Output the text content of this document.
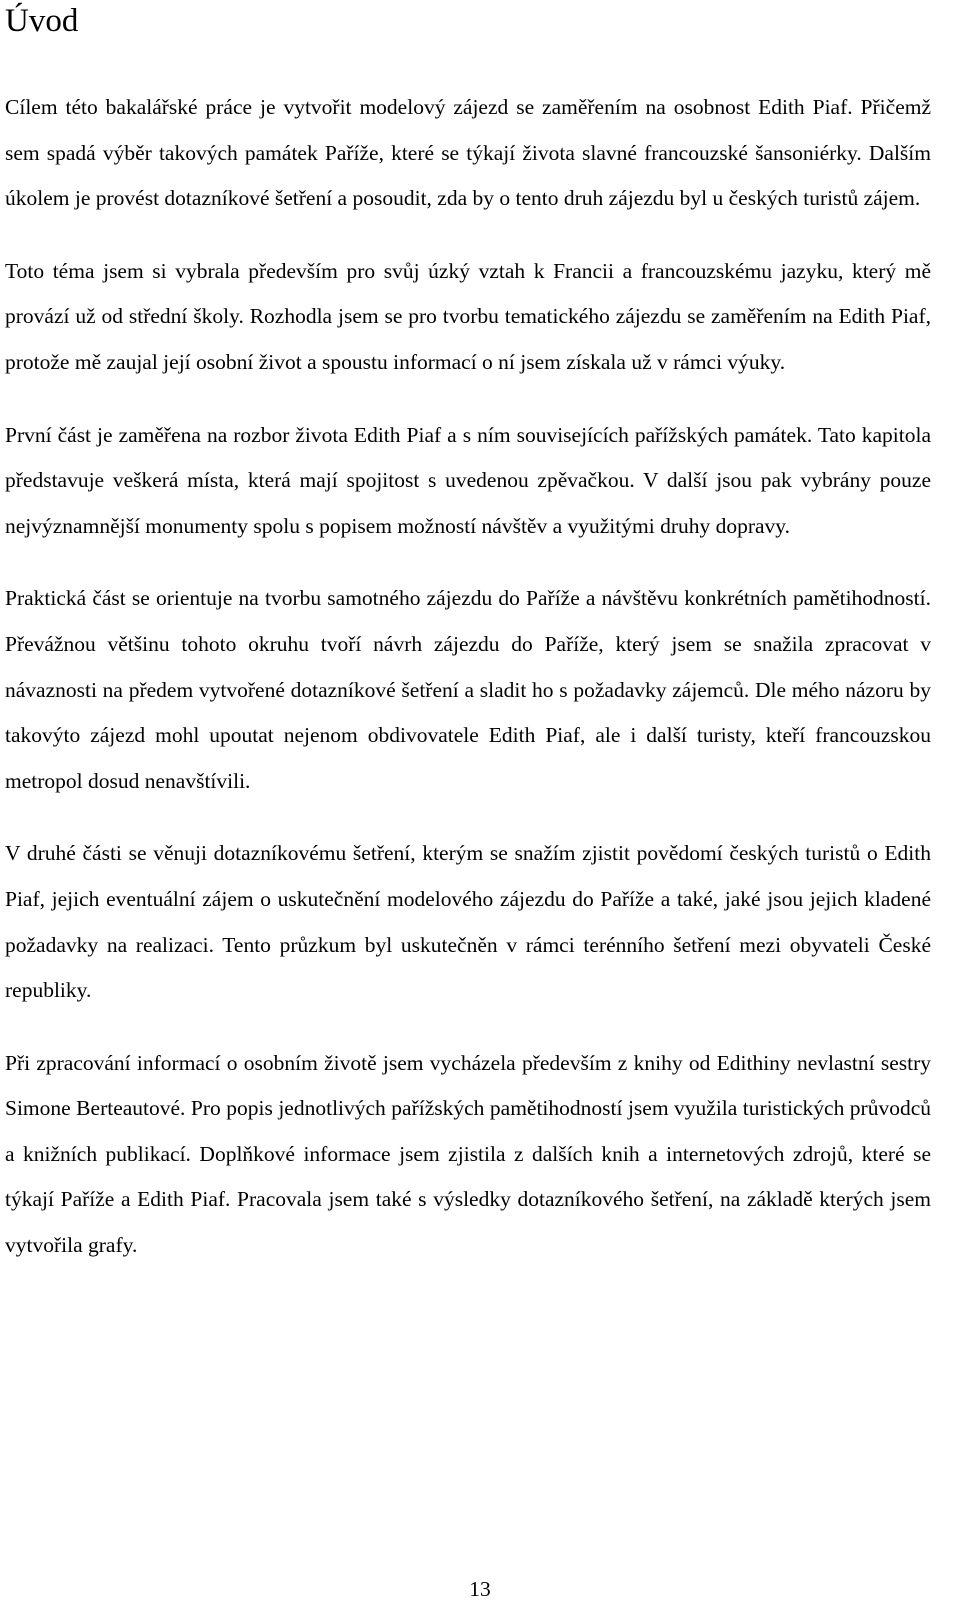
Úvod

Cílem této bakalářské práce je vytvořit modelový zájezd se zaměřením na osobnost Edith Piaf. Přičemž sem spadá výběr takových památek Paříže, které se týkají života slavné francouzské šansoniérky. Dalším úkolem je provést dotazníkové šetření a posoudit, zda by o tento druh zájezdu byl u českých turistů zájem.

Toto téma jsem si vybrala především pro svůj úzký vztah k Francii a francouzskému jazyku, který mě provází už od střední školy. Rozhodla jsem se pro tvorbu tematického zájezdu se zaměřením na Edith Piaf, protože mě zaujal její osobní život a spoustu informací o ní jsem získala už v rámci výuky.

První část je zaměřena na rozbor života Edith Piaf a s ním souvisejících pařížských památek. Tato kapitola představuje veškerá místa, která mají spojitost s uvedenou zpěvačkou. V další jsou pak vybrány pouze nejvýznamnější monumenty spolu s popisem možností návštěv a využitými druhy dopravy.

Praktická část se orientuje na tvorbu samotného zájezdu do Paříže a návštěvu konkrétních pamětihodností. Převážnou většinu tohoto okruhu tvoří návrh zájezdu do Paříže, který jsem se snažila zpracovat v návaznosti na předem vytvořené dotazníkové šetření a sladit ho s požadavky zájemců. Dle mého názoru by takovýto zájezd mohl upoutat nejenom obdivovatele Edith Piaf, ale i další turisty, kteří francouzskou metropol dosud nenavštívili.

V druhé části se věnuji dotazníkovému šetření, kterým se snažím zjistit povědomí českých turistů o Edith Piaf, jejich eventuální zájem o uskutečnění modelového zájezdu do Paříže a také, jaké jsou jejich kladené požadavky na realizaci. Tento průzkum byl uskutečněn v rámci terénního šetření mezi obyvateli České republiky.

Při zpracování informací o osobním životě jsem vycházela především z knihy od Edithiny nevlastní sestry Simone Berteautové. Pro popis jednotlivých pařížských pamětihodností jsem využila turistických průvodců a knižních publikací. Doplňkové informace jsem zjistila z dalších knih a internetových zdrojů, které se týkají Paříže a Edith Piaf. Pracovala jsem také s výsledky dotazníkového šetření, na základě kterých jsem vytvořila grafy.

13
